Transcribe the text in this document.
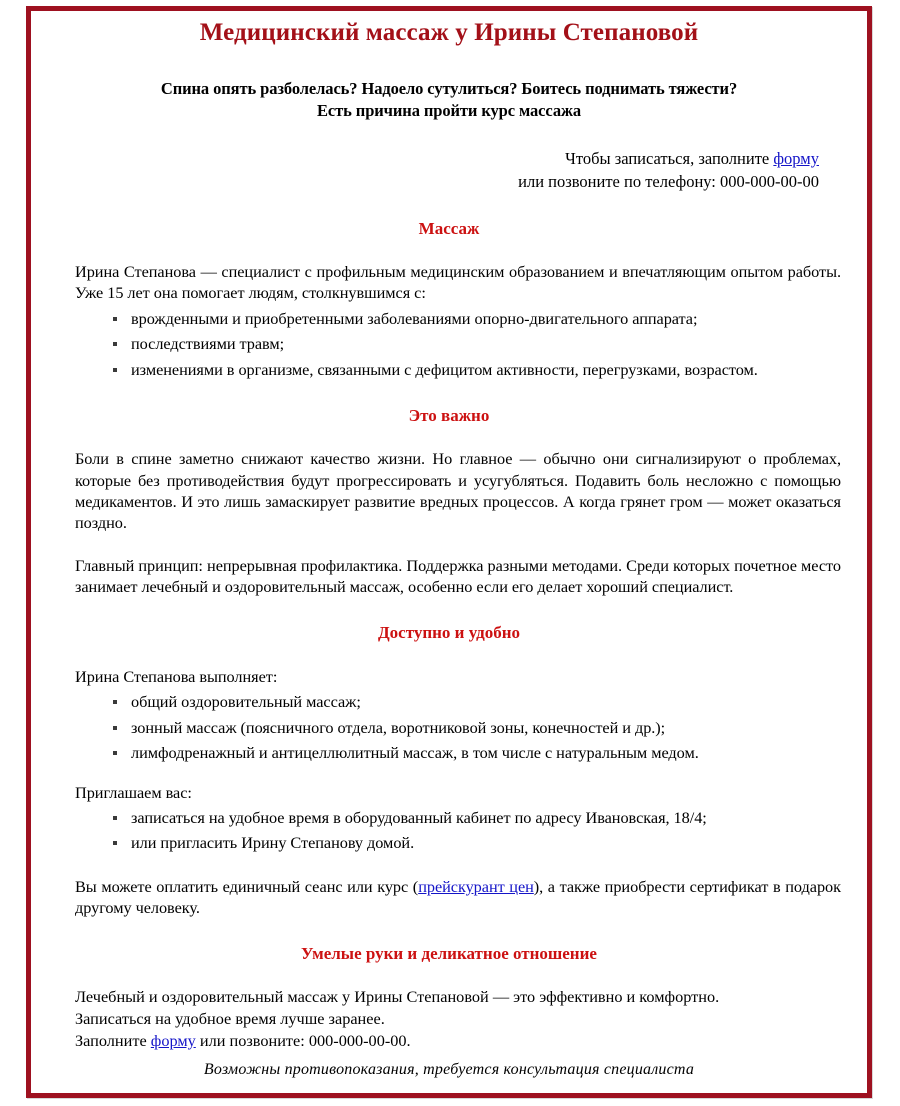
Медицинский массаж у Ирины Степановой
Спина опять разболелась? Надоело сутулиться? Боитесь поднимать тяжести?
Есть причина пройти курс массажа
Чтобы записаться, заполните форму
или позвоните по телефону: 000-000-00-00
Массаж

Ирина Степанова — специалист с профильным медицинским образованием и впечатляющим опытом работы. Уже 15 лет она помогает людям, столкнувшимся с:

врожденными и приобретенными заболеваниями опорно-двигательного аппарата;
последствиями травм;
изменениями в организме, связанными с дефицитом активности, перегрузками, возрастом.
Это важно

Боли в спине заметно снижают качество жизни. Но главное — обычно они сигнализируют о проблемах, которые без противодействия будут прогрессировать и усугубляться. Подавить боль несложно с помощью медикаментов. И это лишь замаскирует развитие вредных процессов. А когда грянет гром — может оказаться поздно.

Главный принцип: непрерывная профилактика. Поддержка разными методами. Среди которых почетное место занимает лечебный и оздоровительный массаж, особенно если его делает хороший специалист.

Доступно и удобно

Ирина Степанова выполняет:

общий оздоровительный массаж;
зонный массаж (поясничного отдела, воротниковой зоны, конечностей и др.);
лимфодренажный и антицеллюлитный массаж, в том числе с натуральным медом.

Приглашаем вас:

записаться на удобное время в оборудованный кабинет по адресу Ивановская, 18/4;
или пригласить Ирину Степанову домой.

Вы можете оплатить единичный сеанс или курс (прейскурант цен), а также приобрести сертификат в подарок другому человеку.

Умелые руки и деликатное отношение
Лечебный и оздоровительный массаж у Ирины Степановой — это эффективно и комфортно.
Записаться на удобное время лучше заранее.
Заполните форму или позвоните: 000-000-00-00.
Возможны противопоказания, требуется консультация специалиста
